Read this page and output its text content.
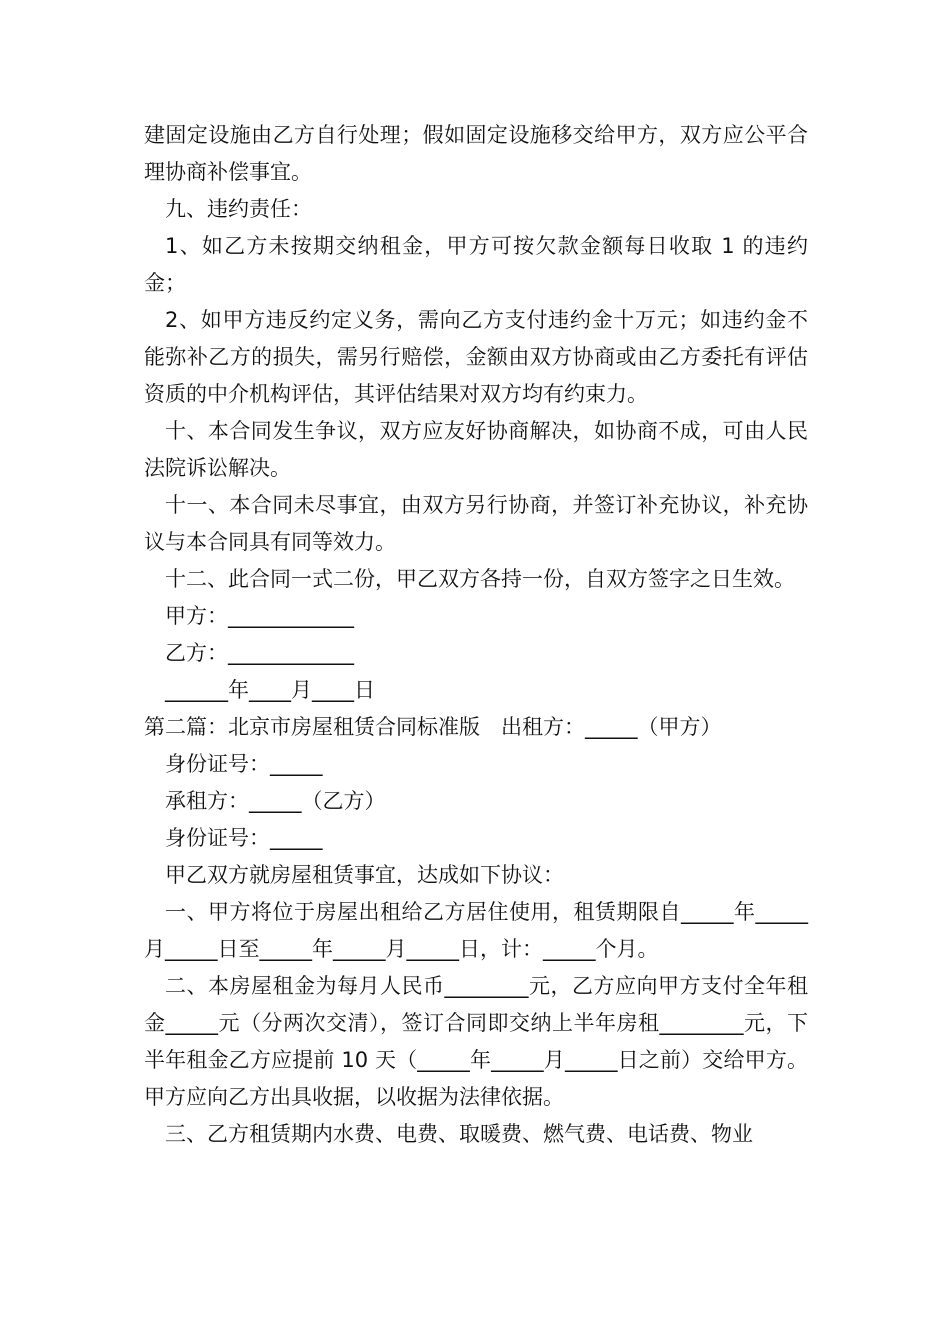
建固定设施由乙方自行处理；假如固定设施移交给甲方，双方应公平合理协商补偿事宜。

九、违约责任：

1、如乙方未按期交纳租金，甲方可按欠款金额每日收取 1 的违约金；

2、如甲方违反约定义务，需向乙方支付违约金十万元；如违约金不能弥补乙方的损失，需另行赔偿，金额由双方协商或由乙方委托有评估资质的中介机构评估，其评估结果对双方均有约束力。

十、本合同发生争议，双方应友好协商解决，如协商不成，可由人民法院诉讼解决。

十一、本合同未尽事宜，由双方另行协商，并签订补充协议，补充协议与本合同具有同等效力。

十二、此合同一式二份，甲乙双方各持一份，自双方签字之日生效。

甲方：____________

乙方：____________

______年____月____日

第二篇：北京市房屋租赁合同标准版　出租方：_____（甲方）

身份证号：_____

承租方：_____（乙方）

身份证号：_____

甲乙双方就房屋租赁事宜，达成如下协议：

一、甲方将位于房屋出租给乙方居住使用，租赁期限自_____年_____月_____日至_____年_____月_____日，计：_____个月。

二、本房屋租金为每月人民币________元，乙方应向甲方支付全年租金_____元（分两次交清），签订合同即交纳上半年房租________元，下半年租金乙方应提前 10 天（_____年_____月_____日之前）交给甲方。甲方应向乙方出具收据，以收据为法律依据。

三、乙方租赁期内水费、电费、取暖费、燃气费、电话费、物业
